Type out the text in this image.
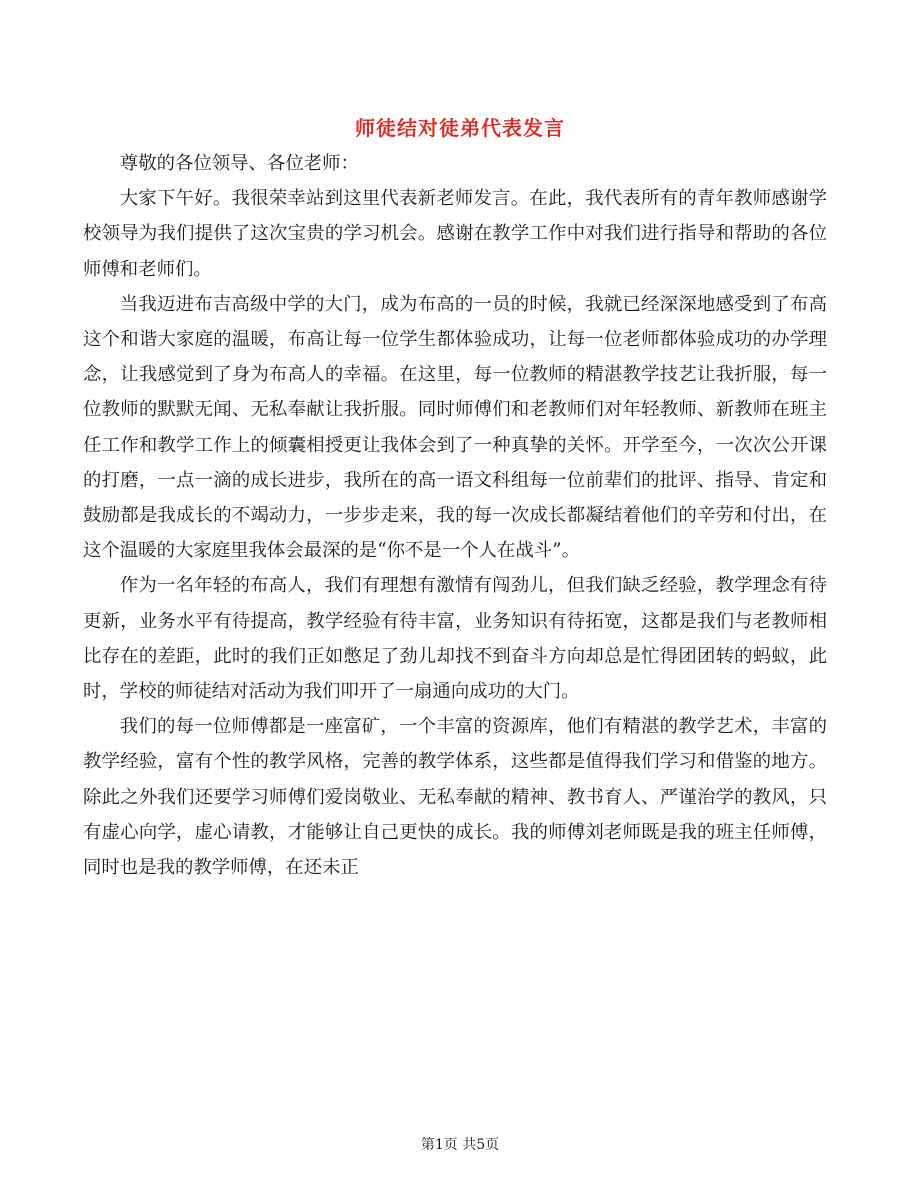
师徒结对徒弟代表发言

尊敬的各位领导、各位老师：

大家下午好。我很荣幸站到这里代表新老师发言。在此，我代表所有的青年教师感谢学校领导为我们提供了这次宝贵的学习机会。感谢在教学工作中对我们进行指导和帮助的各位师傅和老师们。

当我迈进布吉高级中学的大门，成为布高的一员的时候，我就已经深深地感受到了布高这个和谐大家庭的温暖，布高让每一位学生都体验成功，让每一位老师都体验成功的办学理念，让我感觉到了身为布高人的幸福。在这里，每一位教师的精湛教学技艺让我折服，每一位教师的默默无闻、无私奉献让我折服。同时师傅们和老教师们对年轻教师、新教师在班主任工作和教学工作上的倾囊相授更让我体会到了一种真挚的关怀。开学至今，一次次公开课的打磨，一点一滴的成长进步，我所在的高一语文科组每一位前辈们的批评、指导、肯定和鼓励都是我成长的不竭动力，一步步走来，我的每一次成长都凝结着他们的辛劳和付出，在这个温暖的大家庭里我体会最深的是“你不是一个人在战斗”。

作为一名年轻的布高人，我们有理想有激情有闯劲儿，但我们缺乏经验，教学理念有待更新，业务水平有待提高，教学经验有待丰富，业务知识有待拓宽，这都是我们与老教师相比存在的差距，此时的我们正如憋足了劲儿却找不到奋斗方向却总是忙得团团转的蚂蚁，此时，学校的师徒结对活动为我们叩开了一扇通向成功的大门。

我们的每一位师傅都是一座富矿，一个丰富的资源库，他们有精湛的教学艺术，丰富的教学经验，富有个性的教学风格，完善的教学体系，这些都是值得我们学习和借鉴的地方。除此之外我们还要学习师傅们爱岗敬业、无私奉献的精神、教书育人、严谨治学的教风，只有虚心向学，虚心请教，才能够让自己更快的成长。我的师傅刘老师既是我的班主任师傅，同时也是我的教学师傅，在还未正

第1页 共5页
